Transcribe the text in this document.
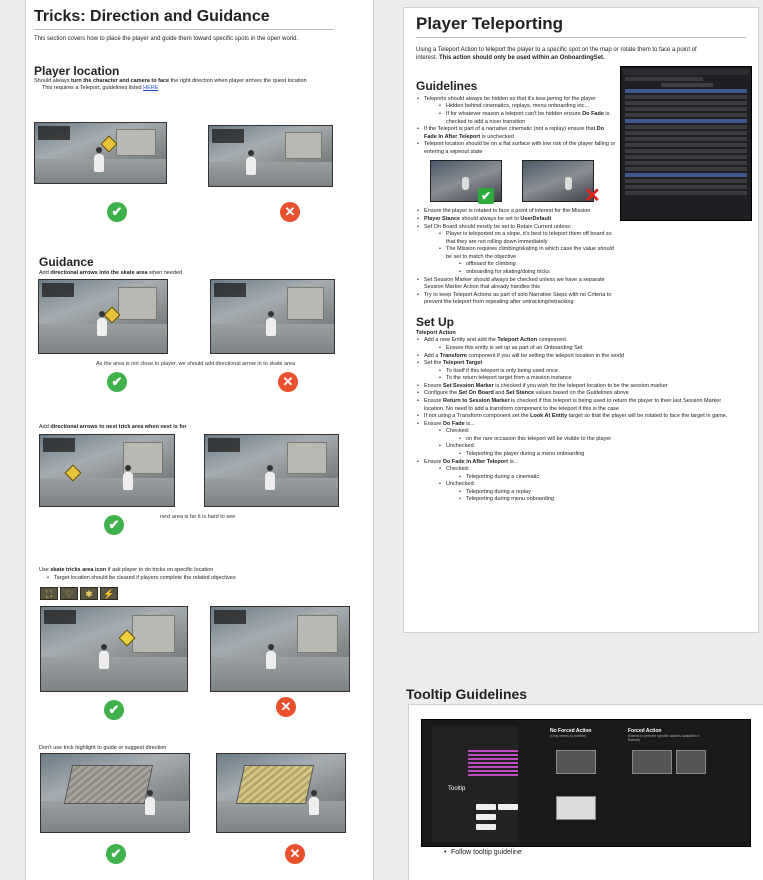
Tricks: Direction and Guidance

This section covers how to place the player and guide them toward specific spots in the open world.

Player location

Should always turn the character and camera to face the right direction when player arrives the quest location

This requires a Teleport, guidelines listed HERE

✔	✕
Guidance

Add directional arrows into the skate area when needed

As the area is not close to player, we should add directional arrow in to skate area
✔	✕

Add directional arrows to next trick area when next is for

next area is far it is hard to see
✔

Use skate tricks area icon if ask player to do tricks on specific location

• Target location should be cleared if players complete the related objectives
⛶	♡	✱	⚡
✔	✕

Don't use trick highlight to guide or suggest direction

✔	✕
Player Teleporting

Using a Teleport Action to teleport the player to a specific spot on the map or rotate them to face a point of interest. This action should only be used within an OnboardingSet.

Guidelines
• Teleports should always be hidden so that it's less jarring for the player
• Hidden behind cinematics, replays, menu onboarding etc...
• If for whatever reason a teleport can't be hidden ensure Do Fade is checked to add a nicer transition
• If the Teleport is part of a narrative cinematic (not a replay) ensure that Do Fade In After Teleport is unchecked
• Teleport location should be on a flat surface with low risk of the player falling or entering a wipeout state
✔	✕
• Ensure the player is rotated to face a point of interest for the Mission
• Player Stance should always be set to UserDefault
• Set On Board should mostly be set to Retain Current unless:
• Player is teleported on a slope, it's best to teleport them off board so that they are not rolling down immediately
• The Mission requires climbing/skating in which case the value should be set to match the objective
• offboard for climbing
• onboarding for skating/doing tricks
• Set Session Marker should always be checked unless we have a separate Session Marker Action that already handles this
• Try to keep Teleport Actions as part of solo Narrative Steps with no Criteria to prevent the teleport from repeating after untracking/retracking
Set Up

Teleport Action

• Add a new Entity and add the Teleport Action component.
• Ensure this entity is set up as part of an Onboarding Set
• Add a Transform component if you will be setting the teleport location in the world
• Set the Teleport Target
• To itself if this teleport is only being used once
• To the return teleport target from a mission instance
• Ensure Set Session Marker is checked if you wish for the teleport location to be the session marker
• Configure the Set On Board and Set Stance values based on the Guidelines above
• Ensure Return to Session Marker is checked if this teleport is being used to return the player to their last Session Marker location. No need to add a transform component to the teleport if this is the case
• If not using a Transform component set the Look At Entity target so that the player will be rotated to face the target in game.
• Ensure Do Fade is...
• Checked:
• on the rare occasion this teleport will be visible to the player
• Unchecked:
• Teleporting the player during a menu onboarding
• Ensure Do Fade in After Teleport is...
• Checked:
• Teleporting during a cinematic
• Unchecked:
• Teleporting during a replay
• Teleporting during menu onboarding
Tooltip Guidelines
Tooltip
No Forced Action
(Only needs to confirm)
Forced Action
(Needs to perform specific actions available in feature)
• Follow tooltip guideline
